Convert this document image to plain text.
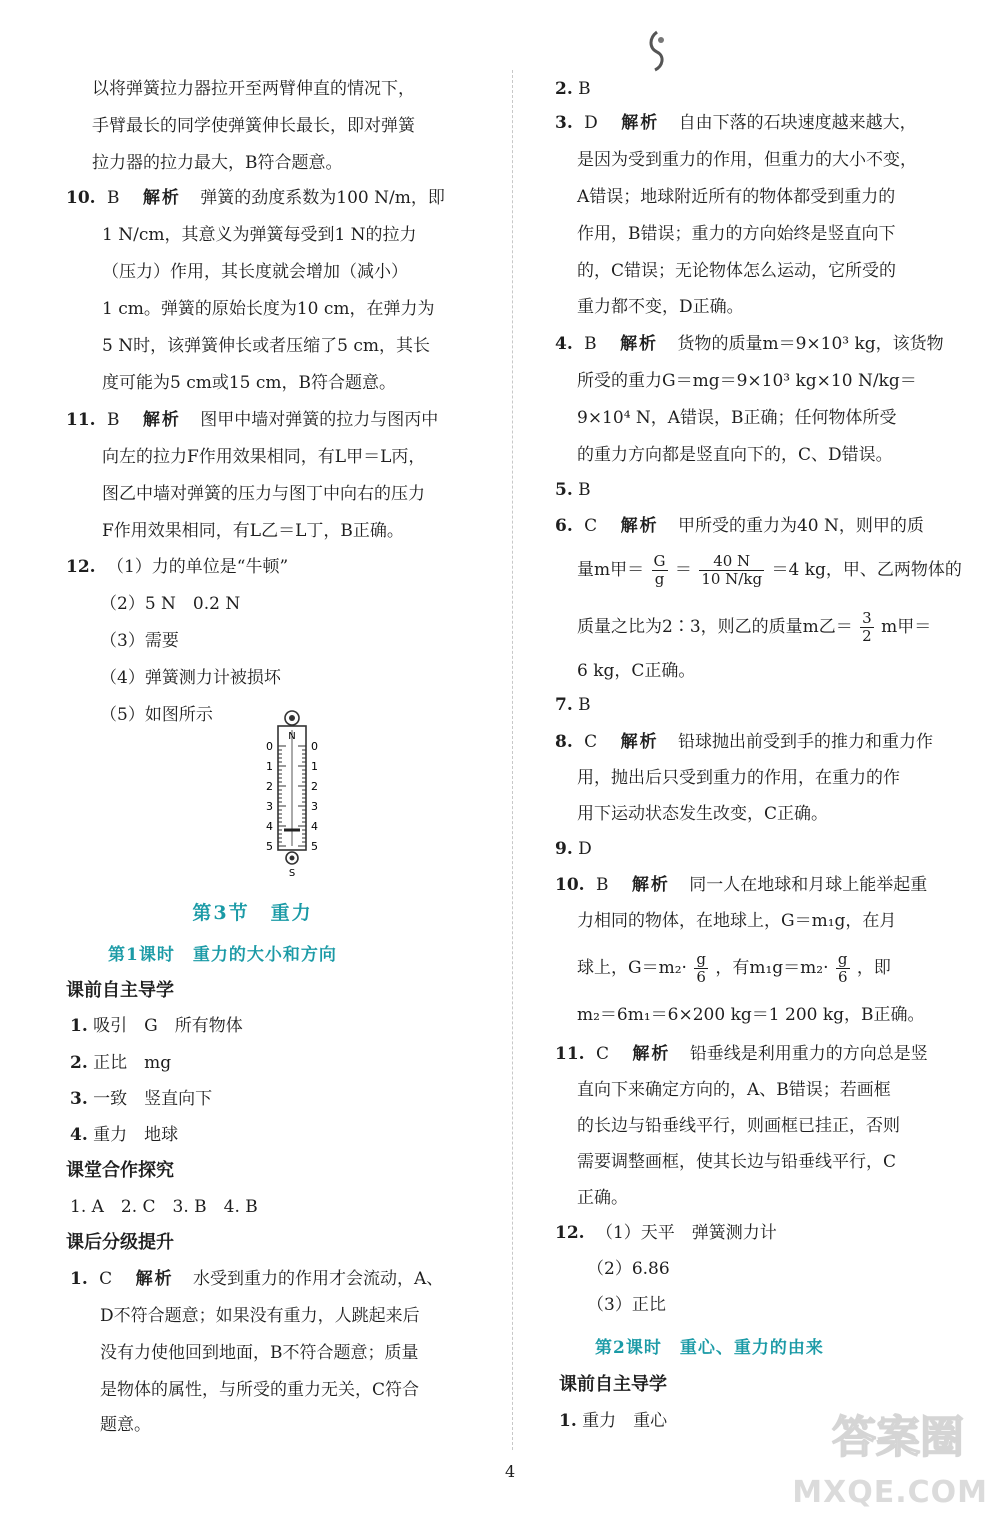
以将弹簧拉力器拉开至两臂伸直的情况下，
手臂最长的同学使弹簧伸长最长，即对弹簧
拉力器的拉力最大，B符合题意。
10. B 解析 弹簧的劲度系数为100 N/m，即
1 N/cm，其意义为弹簧每受到1 N的拉力
（压力）作用，其长度就会增加（减小）
1 cm。弹簧的原始长度为10 cm，在弹力为
5 N时，该弹簧伸长或者压缩了5 cm，其长
度可能为5 cm或15 cm，B符合题意。
11. B 解析 图甲中墙对弹簧的拉力与图丙中
向左的拉力F作用效果相同，有L甲＝L丙，
图乙中墙对弹簧的压力与图丁中向右的压力
F作用效果相同，有L乙＝L丁，B正确。
12. （1）力的单位是“牛顿”
（2）5 N　0.2 N
（3）需要
（4）弹簧测力计被损坏
（5）如图所示
N
0	0
1	1
2	2
3	3
4	4
5	5
S
第3节　重力
第1课时　重力的大小和方向
课前自主导学
1. 吸引　G　所有物体
2. 正比　mg
3. 一致　竖直向下
4. 重力　地球
课堂合作探究
1. A　2. C　3. B　4. B
课后分级提升
1. C 解析 水受到重力的作用才会流动，A、
D不符合题意；如果没有重力，人跳起来后
没有力使他回到地面，B不符合题意；质量
是物体的属性，与所受的重力无关，C符合
题意。
2. B
3. D 解析 自由下落的石块速度越来越大，
是因为受到重力的作用，但重力的大小不变，
A错误；地球附近所有的物体都受到重力的
作用，B错误；重力的方向始终是竖直向下
的，C错误；无论物体怎么运动，它所受的
重力都不变，D正确。
4. B 解析 货物的质量m＝9×10³ kg，该货物
所受的重力G＝mg＝9×10³ kg×10 N/kg＝
9×10⁴ N，A错误，B正确；任何物体所受
的重力方向都是竖直向下的，C、D错误。
5. B
6. C 解析 甲所受的重力为40 N，则甲的质
量m甲＝ $\frac{G}{g} = \frac{40 N}{10 N/kg} =4$ kg，甲、乙两物体的
质量之比为2∶3，则乙的质量m乙＝ $\frac{3}{2}$ m甲＝
6 kg，C正确。
7. B
8. C 解析 铅球抛出前受到手的推力和重力作
用，抛出后只受到重力的作用，在重力的作
用下运动状态发生改变，C正确。
9. D
10. B 解析 同一人在地球和月球上能举起重
力相同的物体，在地球上，G＝m₁g，在月
球上，$G=m_2\cdot \frac{g}{6}$ ，有$m_1g=m_2\cdot \frac{g}{6}$ ，即
m₂＝6m₁＝6×200 kg＝1 200 kg，B正确。
11. C 解析 铅垂线是利用重力的方向总是竖
直向下来确定方向的，A、B错误；若画框
的长边与铅垂线平行，则画框已挂正，否则
需要调整画框，使其长边与铅垂线平行，C
正确。
12. （1）天平　弹簧测力计
（2）6.86
（3）正比
第2课时　重心、重力的由来
课前自主导学
1. 重力　重心
4
答案圈
MXQE.COM
